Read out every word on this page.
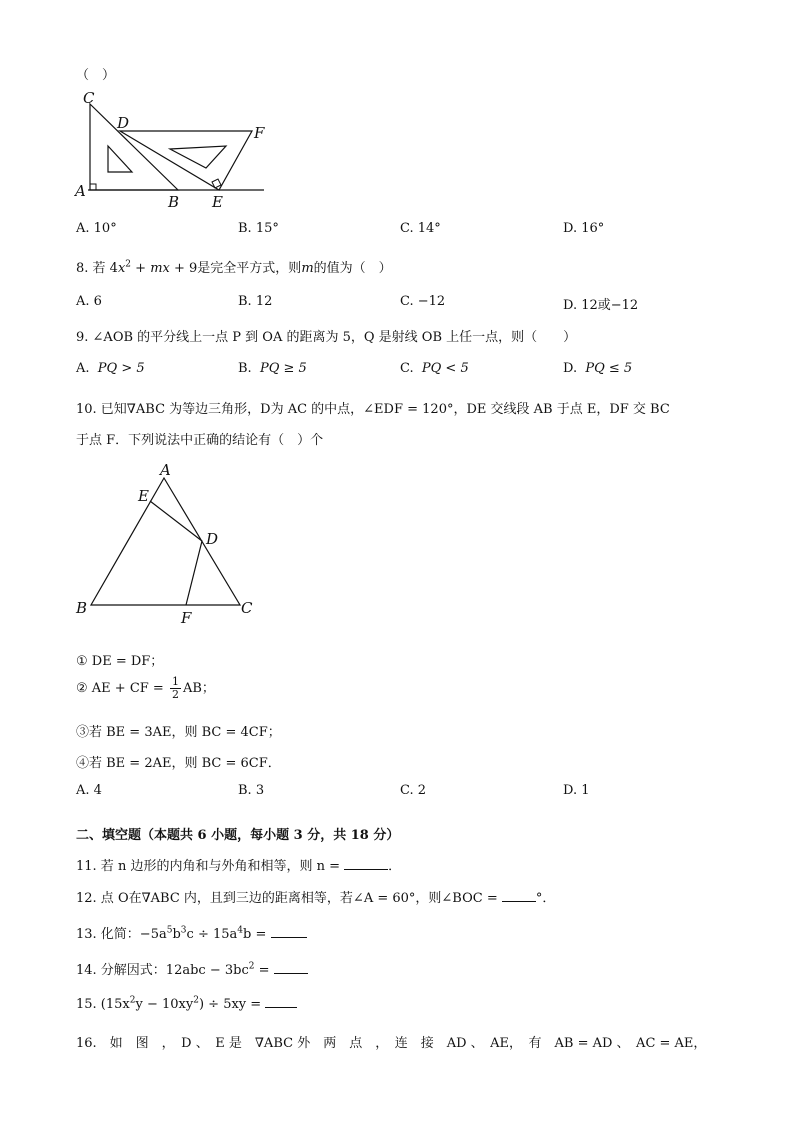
（　）
C
D
F
A
B E
A. 10°	B. 15°	C. 14°	D. 16°
8. 若 $4x^2$ + mx + 9是完全平方式，则m的值为（　）
A. 6	B. 12	C. −12	D. 12或−12
9. ∠AOB 的平分线上一点 P 到 OA 的距离为 5，Q 是射线 OB 上任一点，则（　　）
A. PQ > 5	B. PQ ≥ 5	C. PQ < 5	D. PQ ≤ 5
10. 已知∇ABC 为等边三角形，D为 AC 的中点，∠EDF = 120°，DE 交线段 AB 于点 E，DF 交 BC
于点 F．下列说法中正确的结论有（　）个
A
E
D
B
F
C
① DE = DF；
② AE + CF = $\frac{1}{2}$ AB；
③若 BE = 3AE，则 BC = 4CF；
④若 BE = 2AE，则 BC = 6CF．
A. 4	B. 3	C. 2	D. 1
二、填空题（本题共 6 小题，每小题 3 分，共 18 分）
11. 若 n 边形的内角和与外角和相等，则 n =	．
12. 点 O在∇ABC 内，且到三边的距离相等，若∠A = 60°，则∠BOC =	°．
13. 化简：$-5a^5b^3c \div 15a^4b$ =
14. 分解因式：$12abc - 3bc^2$ =
15. $(15x^2y - 10xy^2) \div 5xy$ =
16.　如　图　，　D 、　E 是　∇ABC 外　两　点　，　连　接　AD 、　AE，　有　AB = AD 、　AC = AE，
